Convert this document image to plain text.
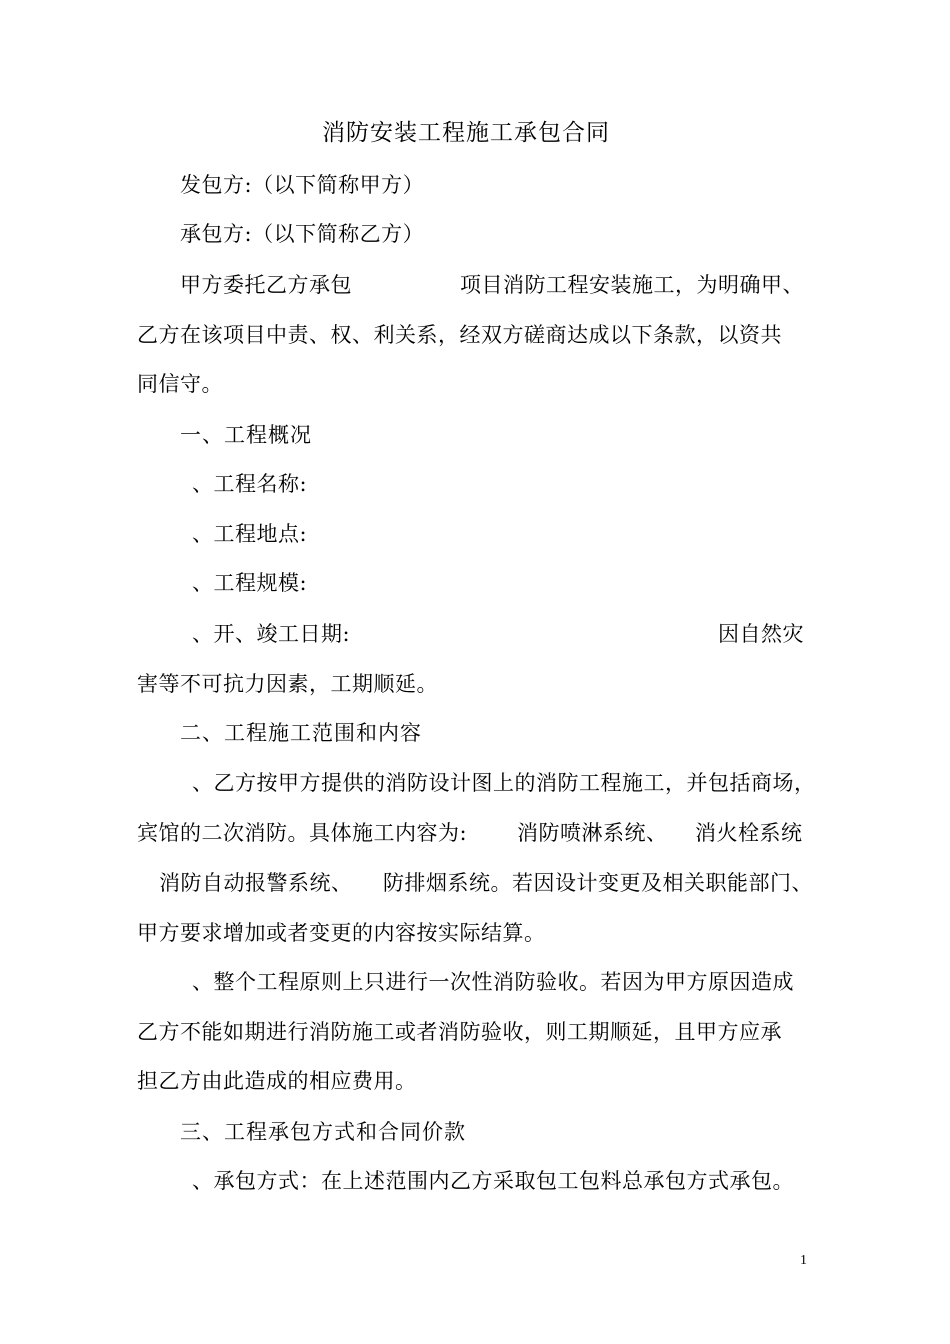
消防安装工程施工承包合同
发包方:（以下简称甲方）
承包方:（以下简称乙方）
甲方委托乙方承包	项目消防工程安装施工，为明确甲、
乙方在该项目中责、权、利关系，经双方磋商达成以下条款，以资共
同信守。
一、工程概况
、工程名称:
、工程地点:
、工程规模:
、开、竣工日期:	因自然灾
害等不可抗力因素，工期顺延。
二、工程施工范围和内容
、乙方按甲方提供的消防设计图上的消防工程施工，并包括商场，
宾馆的二次消防。具体施工内容为: 消防喷淋系统、 消火栓系统
消防自动报警系统、 防排烟系统。若因设计变更及相关职能部门、
甲方要求增加或者变更的内容按实际结算。
、整个工程原则上只进行一次性消防验收。若因为甲方原因造成
乙方不能如期进行消防施工或者消防验收，则工期顺延，且甲方应承
担乙方由此造成的相应费用。
三、工程承包方式和合同价款
、承包方式：在上述范围内乙方采取包工包料总承包方式承包。
1
